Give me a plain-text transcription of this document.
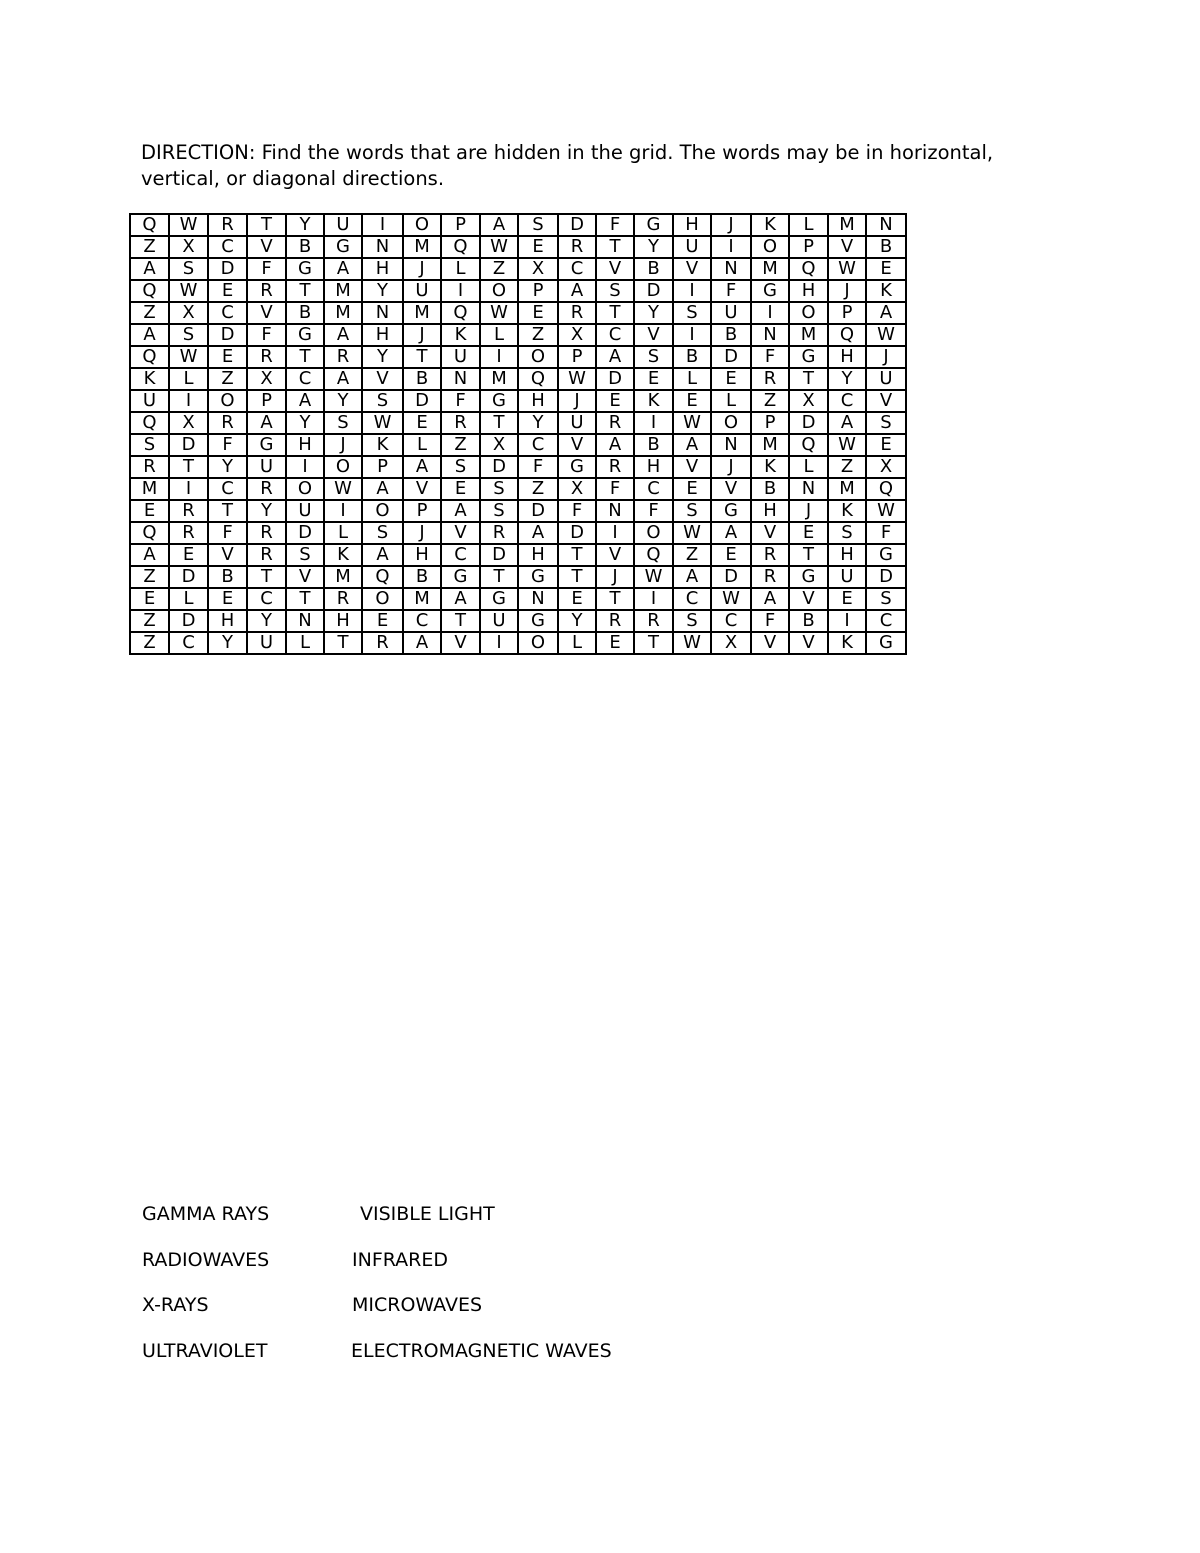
DIRECTION: Find the words that are hidden in the grid. The words may be in horizontal, vertical, or diagonal directions.

Q	W	R	T	Y	U	I	O	P	A	S	D	F	G	H	J	K	L	M	N
Z	X	C	V	B	G	N	M	Q	W	E	R	T	Y	U	I	O	P	V	B
A	S	D	F	G	A	H	J	L	Z	X	C	V	B	V	N	M	Q	W	E
Q	W	E	R	T	M	Y	U	I	O	P	A	S	D	I	F	G	H	J	K
Z	X	C	V	B	M	N	M	Q	W	E	R	T	Y	S	U	I	O	P	A
A	S	D	F	G	A	H	J	K	L	Z	X	C	V	I	B	N	M	Q	W
Q	W	E	R	T	R	Y	T	U	I	O	P	A	S	B	D	F	G	H	J
K	L	Z	X	C	A	V	B	N	M	Q	W	D	E	L	E	R	T	Y	U
U	I	O	P	A	Y	S	D	F	G	H	J	E	K	E	L	Z	X	C	V
Q	X	R	A	Y	S	W	E	R	T	Y	U	R	I	W	O	P	D	A	S
S	D	F	G	H	J	K	L	Z	X	C	V	A	B	A	N	M	Q	W	E
R	T	Y	U	I	O	P	A	S	D	F	G	R	H	V	J	K	L	Z	X
M	I	C	R	O	W	A	V	E	S	Z	X	F	C	E	V	B	N	M	Q
E	R	T	Y	U	I	O	P	A	S	D	F	N	F	S	G	H	J	K	W
Q	R	F	R	D	L	S	J	V	R	A	D	I	O	W	A	V	E	S	F
A	E	V	R	S	K	A	H	C	D	H	T	V	Q	Z	E	R	T	H	G
Z	D	B	T	V	M	Q	B	G	T	G	T	J	W	A	D	R	G	U	D
E	L	E	C	T	R	O	M	A	G	N	E	T	I	C	W	A	V	E	S
Z	D	H	Y	N	H	E	C	T	U	G	Y	R	R	S	C	F	B	I	C
Z	C	Y	U	L	T	R	A	V	I	O	L	E	T	W	X	V	V	K	G
GAMMA RAYS
RADIOWAVES
X-RAYS
ULTRAVIOLET
VISIBLE LIGHT
INFRARED
MICROWAVES
ELECTROMAGNETIC WAVES
